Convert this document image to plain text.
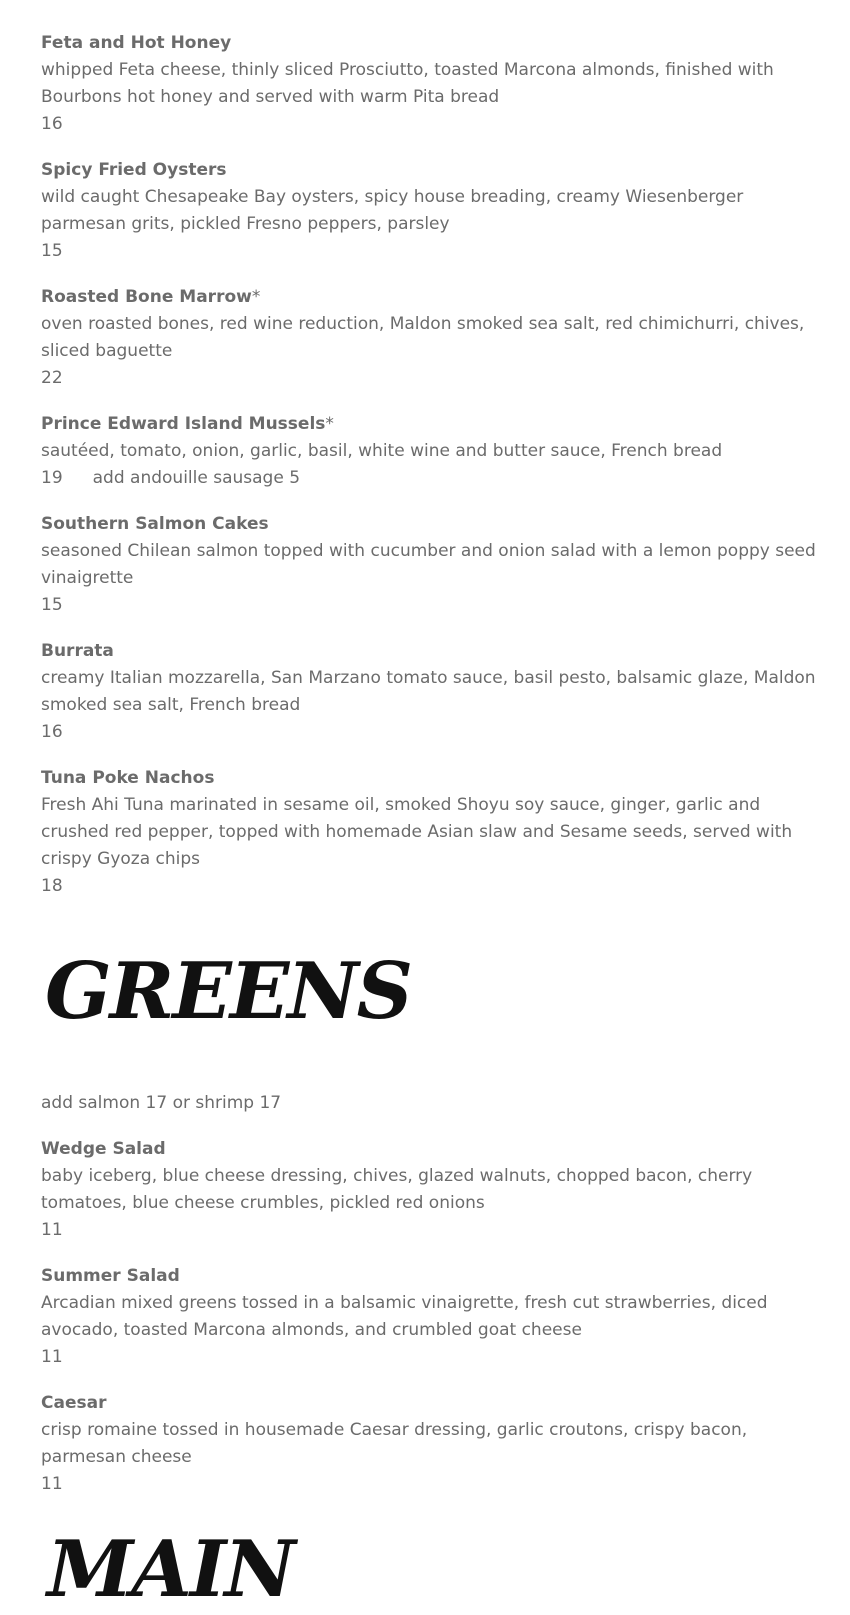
Feta and Hot Honey
whipped Feta cheese, thinly sliced Prosciutto, toasted Marcona almonds, finished with Bourbons hot honey and served with warm Pita bread
16
Spicy Fried Oysters
wild caught Chesapeake Bay oysters, spicy house breading, creamy Wiesenberger parmesan grits, pickled Fresno peppers, parsley
15
Roasted Bone Marrow*
oven roasted bones, red wine reduction, Maldon smoked sea salt, red chimichurri, chives, sliced baguette
22
Prince Edward Island Mussels*
sautéed, tomato, onion, garlic, basil, white wine and butter sauce, French bread
19 add andouille sausage 5
Southern Salmon Cakes
seasoned Chilean salmon topped with cucumber and onion salad with a lemon poppy seed vinaigrette
15
Burrata
creamy Italian mozzarella, San Marzano tomato sauce, basil pesto, balsamic glaze, Maldon smoked sea salt, French bread
16
Tuna Poke Nachos
Fresh Ahi Tuna marinated in sesame oil, smoked Shoyu soy sauce, ginger, garlic and crushed red pepper, topped with homemade Asian slaw and Sesame seeds, served with crispy Gyoza chips
18
GREENS
add salmon 17 or shrimp 17
Wedge Salad
baby iceberg, blue cheese dressing, chives, glazed walnuts, chopped bacon, cherry tomatoes, blue cheese crumbles, pickled red onions
11
Summer Salad
Arcadian mixed greens tossed in a balsamic vinaigrette, fresh cut strawberries, diced avocado, toasted Marcona almonds, and crumbled goat cheese
11
Caesar
crisp romaine tossed in housemade Caesar dressing, garlic croutons, crispy bacon, parmesan cheese
11
MAIN
